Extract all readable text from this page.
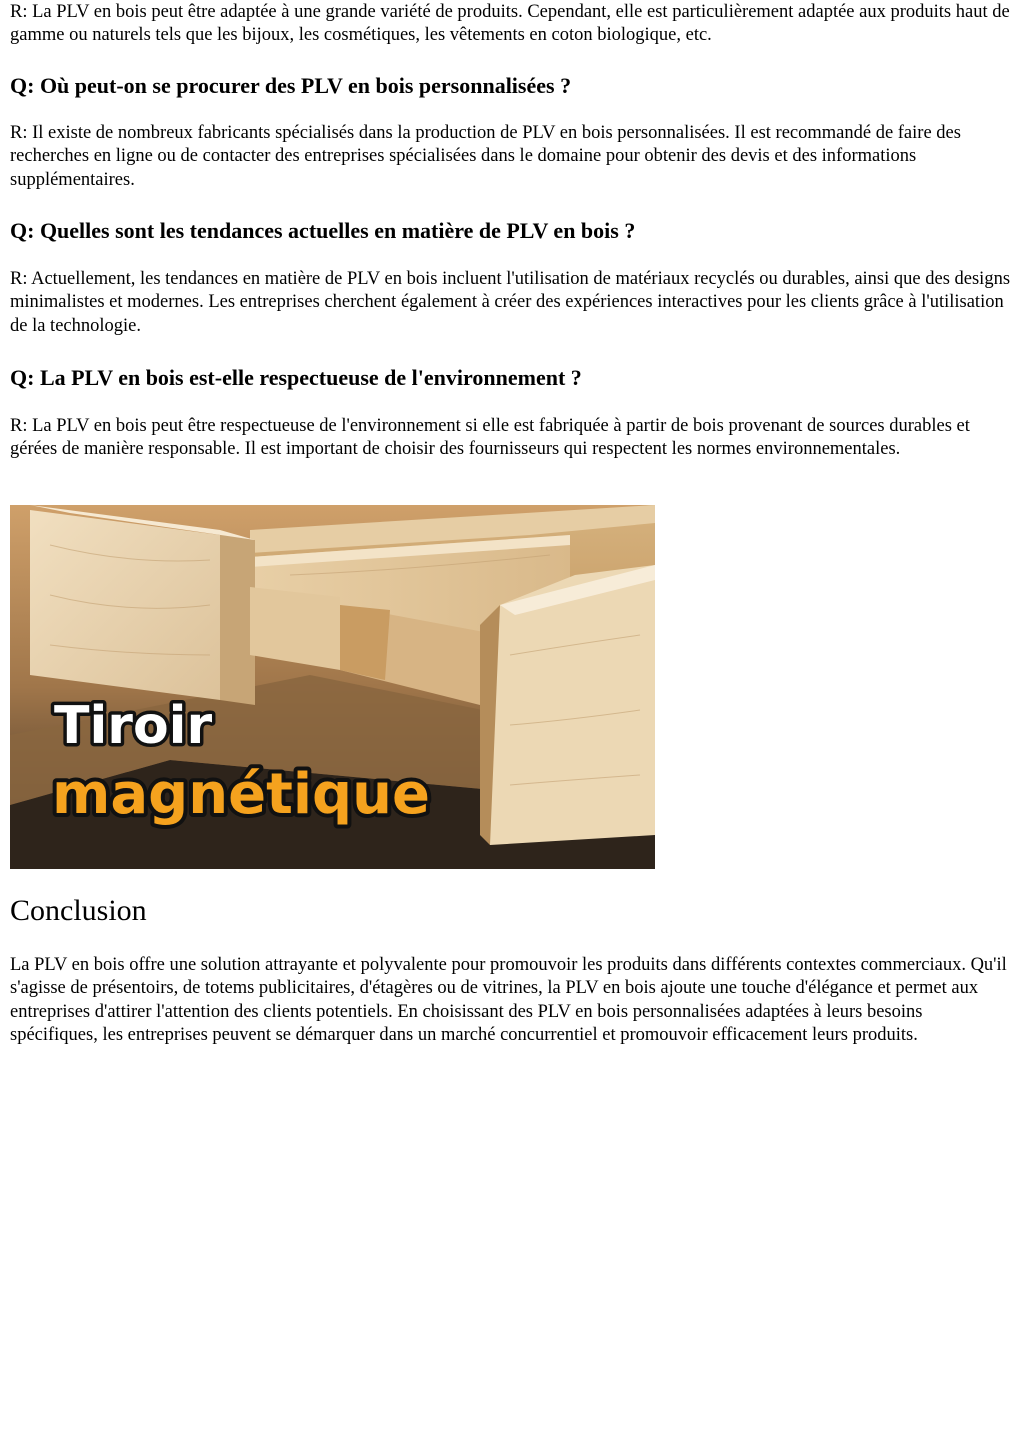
R: La PLV en bois peut être adaptée à une grande variété de produits. Cependant, elle est particulièrement adaptée aux produits haut de gamme ou naturels tels que les bijoux, les cosmétiques, les vêtements en coton biologique, etc.

Q: Où peut-on se procurer des PLV en bois personnalisées ?

R: Il existe de nombreux fabricants spécialisés dans la production de PLV en bois personnalisées. Il est recommandé de faire des recherches en ligne ou de contacter des entreprises spécialisées dans le domaine pour obtenir des devis et des informations supplémentaires.

Q: Quelles sont les tendances actuelles en matière de PLV en bois ?

R: Actuellement, les tendances en matière de PLV en bois incluent l'utilisation de matériaux recyclés ou durables, ainsi que des designs minimalistes et modernes. Les entreprises cherchent également à créer des expériences interactives pour les clients grâce à l'utilisation de la technologie.

Q: La PLV en bois est-elle respectueuse de l'environnement ?

R: La PLV en bois peut être respectueuse de l'environnement si elle est fabriquée à partir de bois provenant de sources durables et gérées de manière responsable. Il est important de choisir des fournisseurs qui respectent les normes environnementales.

Tiroir
magnétique
Conclusion

La PLV en bois offre une solution attrayante et polyvalente pour promouvoir les produits dans différents contextes commerciaux. Qu'il s'agisse de présentoirs, de totems publicitaires, d'étagères ou de vitrines, la PLV en bois ajoute une touche d'élégance et permet aux entreprises d'attirer l'attention des clients potentiels. En choisissant des PLV en bois personnalisées adaptées à leurs besoins spécifiques, les entreprises peuvent se démarquer dans un marché concurrentiel et promouvoir efficacement leurs produits.
